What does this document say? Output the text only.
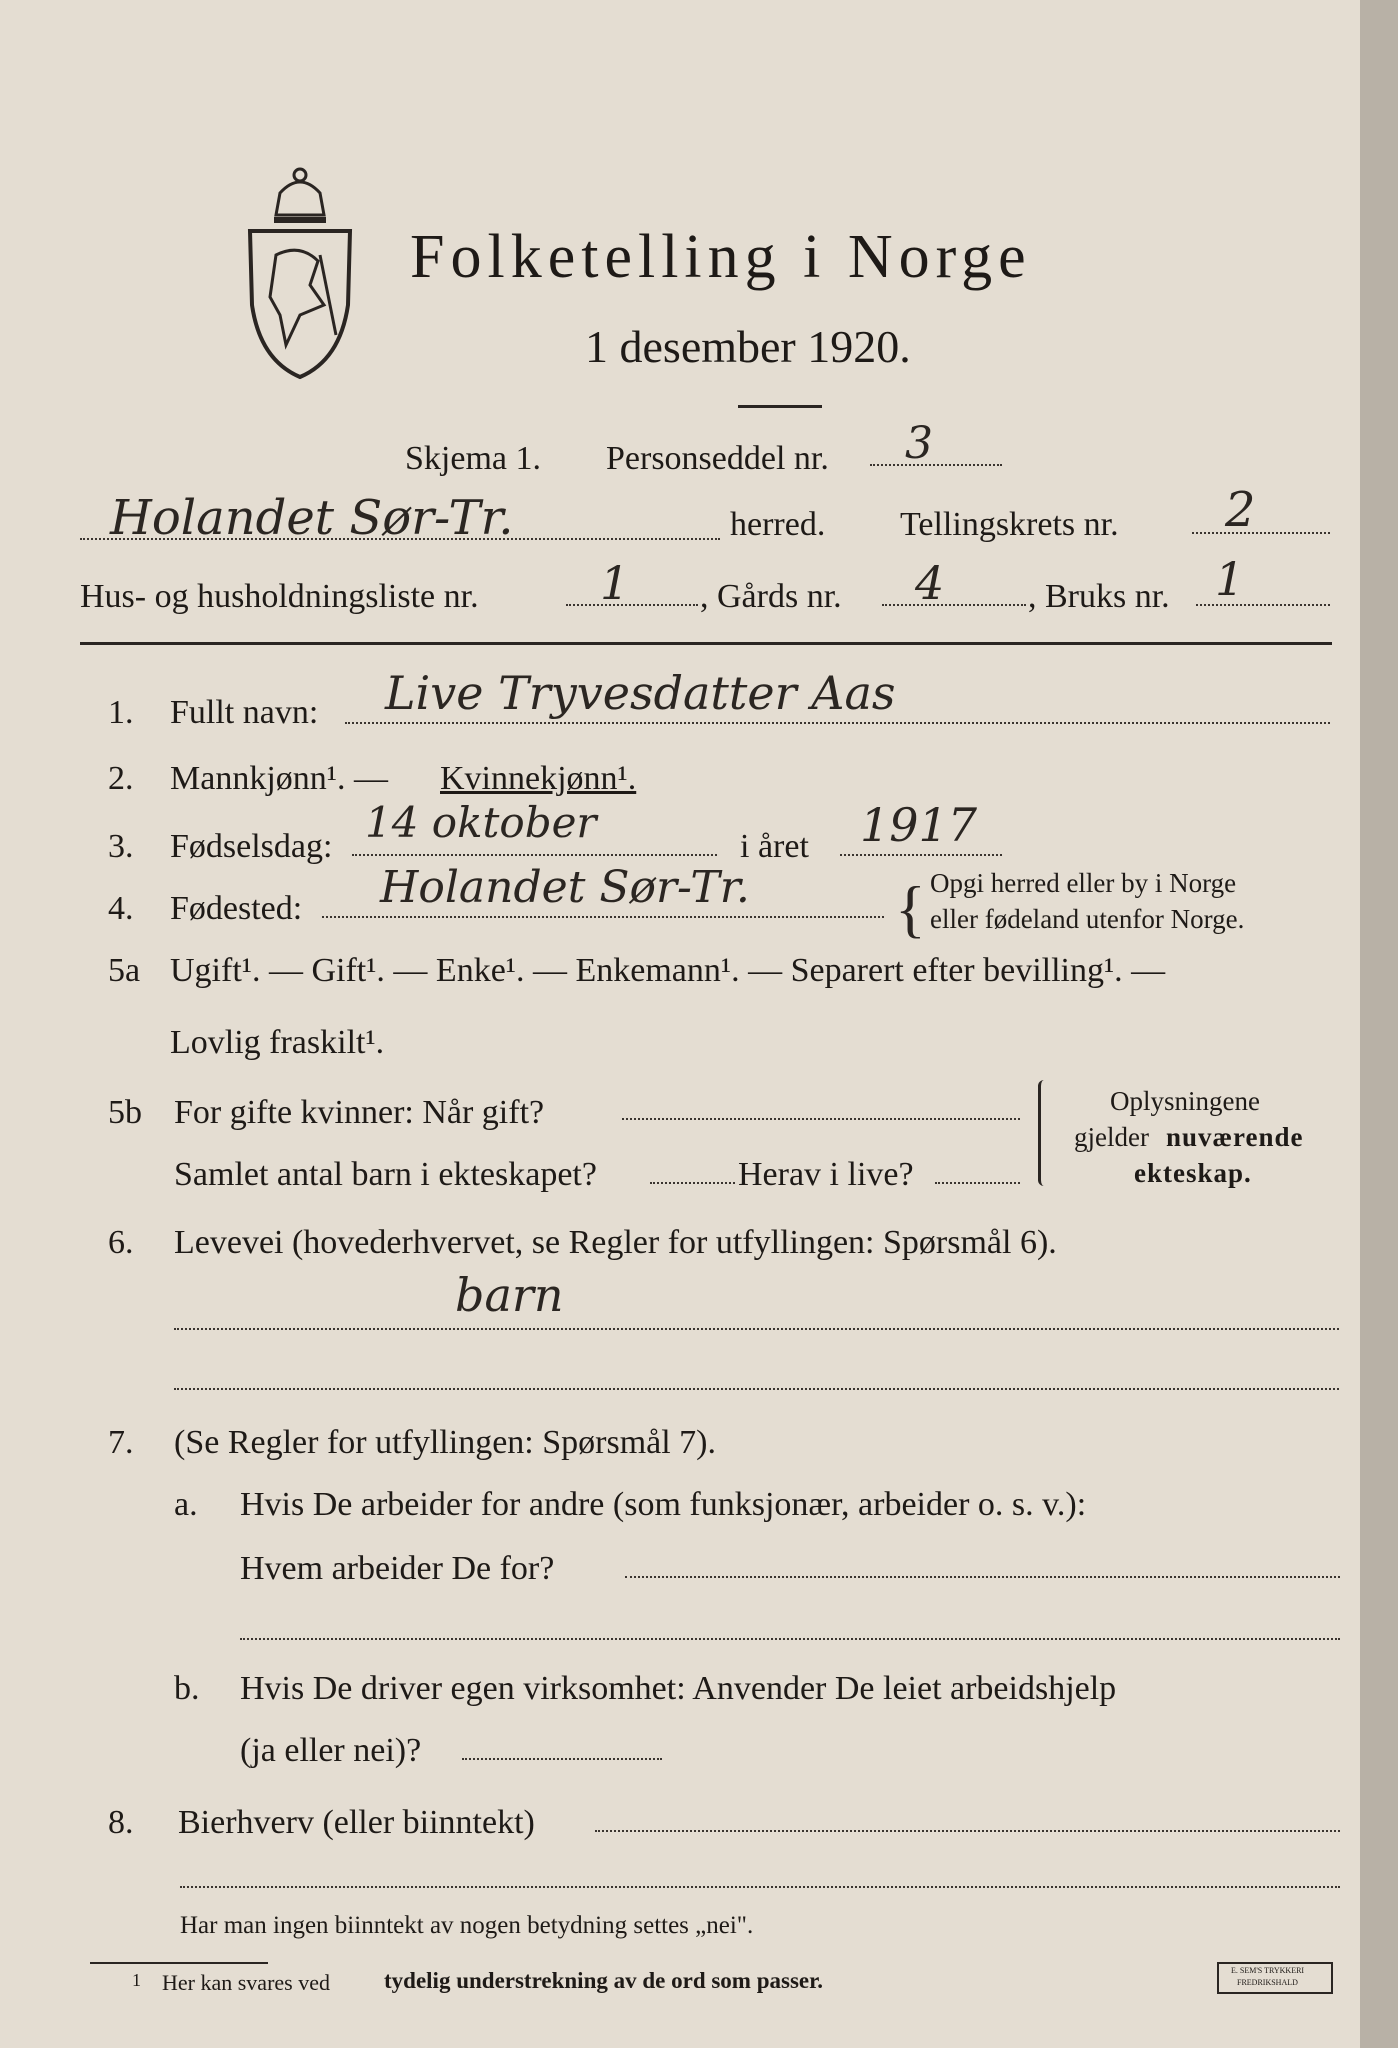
Folketelling i Norge
1 desember 1920.
Skjema 1. Personseddel nr. 3
Holandet Sør-Tr.	herred. Tellingskrets nr. 2
Hus- og husholdningsliste nr.	1 , Gårds nr. 4 , Bruks nr. 1
1. Fullt navn: Live Tryvesdatter Aas
2. Mannkjønn¹. — Kvinnekjønn¹.
3. Fødselsdag: 14 oktober	i året 1917
4. Fødested: Holandet Sør-Tr. { Opgi herred eller by i Norge
eller fødeland utenfor Norge.
5a Ugift¹. — Gift¹. — Enke¹. — Enkemann¹. — Separert efter bevilling¹. —
Lovlig fraskilt¹.
5b For gifte kvinner: Når gift?
Samlet antal barn i ekteskapet?	Herav i live?
Oplysningene
gjelder nuværende
ekteskap.
6. Levevei (hovederhvervet, se Regler for utfyllingen: Spørsmål 6).
barn
7. (Se Regler for utfyllingen: Spørsmål 7).
a. Hvis De arbeider for andre (som funksjonær, arbeider o. s. v.):
Hvem arbeider De for?
b. Hvis De driver egen virksomhet: Anvender De leiet arbeidshjelp
(ja eller nei)?
8. Bierhverv (eller biinntekt)
Har man ingen biinntekt av nogen betydning settes „nei".
1 Her kan svares ved tydelig understrekning av de ord som passer.	E. SEM'S TRYKKERI
FREDRIKSHALD
